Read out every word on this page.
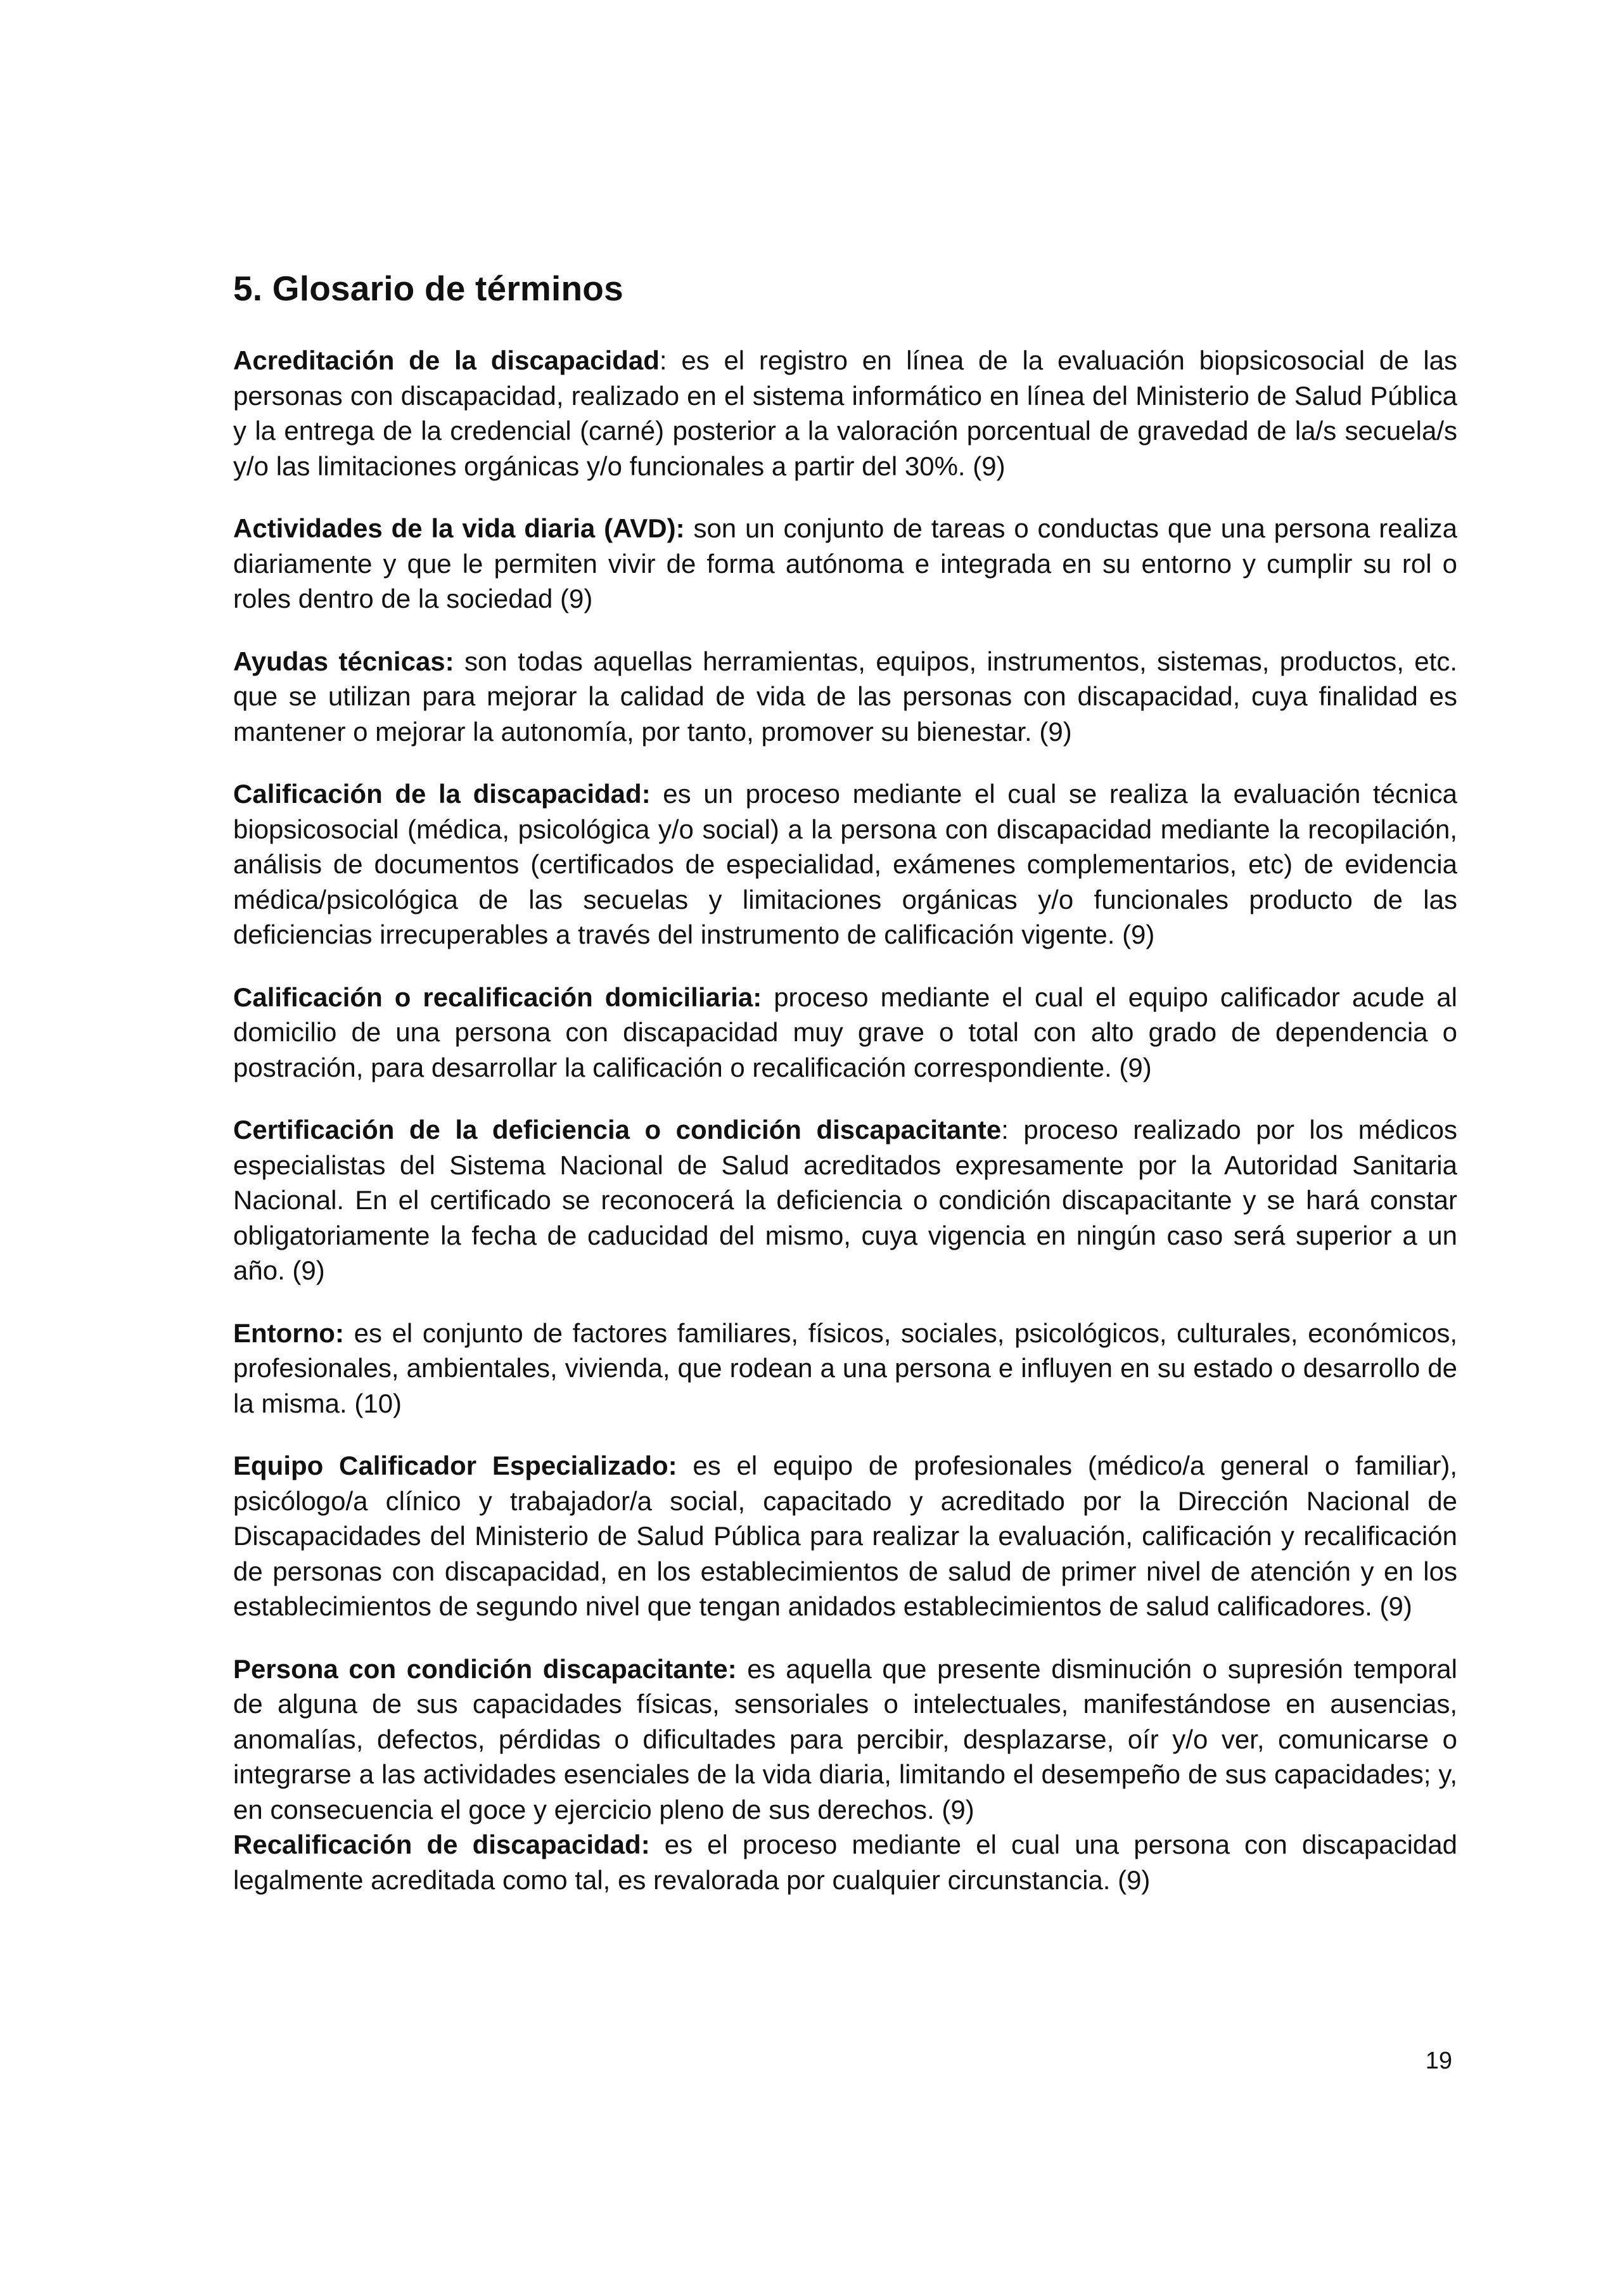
5. Glosario de términos

Acreditación de la discapacidad: es el registro en línea de la evaluación biopsicosocial de las personas con discapacidad, realizado en el sistema informático en línea del Ministerio de Salud Pública y la entrega de la credencial (carné) posterior a la valoración porcentual de gravedad de la/s secuela/s y/o las limitaciones orgánicas y/o funcionales a partir del 30%. (9)

Actividades de la vida diaria (AVD): son un conjunto de tareas o conductas que una persona realiza diariamente y que le permiten vivir de forma autónoma e integrada en su entorno y cumplir su rol o roles dentro de la sociedad (9)

Ayudas técnicas: son todas aquellas herramientas, equipos, instrumentos, sistemas, productos, etc. que se utilizan para mejorar la calidad de vida de las personas con discapacidad, cuya finalidad es mantener o mejorar la autonomía, por tanto, promover su bienestar. (9)

Calificación de la discapacidad: es un proceso mediante el cual se realiza la evaluación técnica biopsicosocial (médica, psicológica y/o social) a la persona con discapacidad mediante la recopilación, análisis de documentos (certificados de especialidad, exámenes complementarios, etc) de evidencia médica/psicológica de las secuelas y limitaciones orgánicas y/o funcionales producto de las deficiencias irrecuperables a través del instrumento de calificación vigente. (9)

Calificación o recalificación domiciliaria: proceso mediante el cual el equipo calificador acude al domicilio de una persona con discapacidad muy grave o total con alto grado de dependencia o postración, para desarrollar la calificación o recalificación correspondiente. (9)

Certificación de la deficiencia o condición discapacitante: proceso realizado por los médicos especialistas del Sistema Nacional de Salud acreditados expresamente por la Autoridad Sanitaria Nacional. En el certificado se reconocerá la deficiencia o condición discapacitante y se hará constar obligatoriamente la fecha de caducidad del mismo, cuya vigencia en ningún caso será superior a un año. (9)

Entorno: es el conjunto de factores familiares, físicos, sociales, psicológicos, culturales, económicos, profesionales, ambientales, vivienda, que rodean a una persona e influyen en su estado o desarrollo de la misma. (10)

Equipo Calificador Especializado: es el equipo de profesionales (médico/a general o familiar), psicólogo/a clínico y trabajador/a social, capacitado y acreditado por la Dirección Nacional de Discapacidades del Ministerio de Salud Pública para realizar la evaluación, calificación y recalificación de personas con discapacidad, en los establecimientos de salud de primer nivel de atención y en los establecimientos de segundo nivel que tengan anidados establecimientos de salud calificadores. (9)

Persona con condición discapacitante: es aquella que presente disminución o supresión temporal de alguna de sus capacidades físicas, sensoriales o intelectuales, manifestándose en ausencias, anomalías, defectos, pérdidas o dificultades para percibir, desplazarse, oír y/o ver, comunicarse o integrarse a las actividades esenciales de la vida diaria, limitando el desempeño de sus capacidades; y, en consecuencia el goce y ejercicio pleno de sus derechos. (9)

Recalificación de discapacidad: es el proceso mediante el cual una persona con discapacidad legalmente acreditada como tal, es revalorada por cualquier circunstancia. (9)

19
